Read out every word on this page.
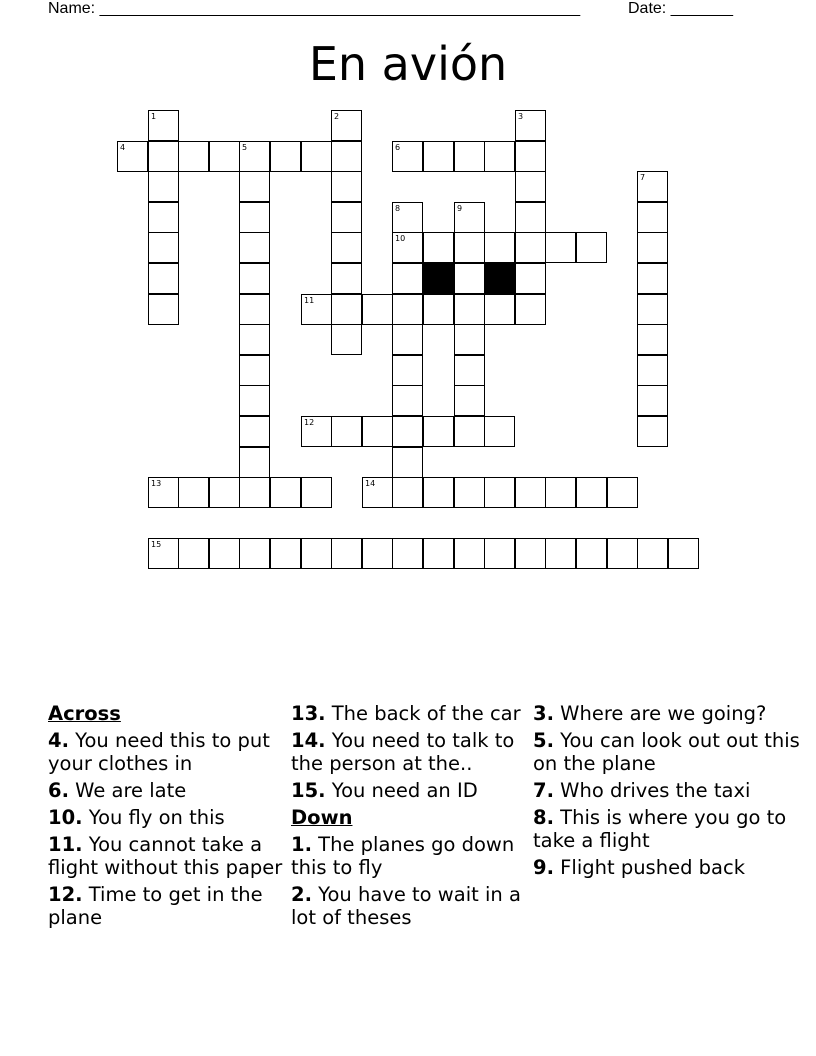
Name: ______________________________________________________	Date: _______
En avión
4	5	6
10
11
12
13	14
15
1	2	3
7
8	9
Across
4. You need this to put your clothes in
6. We are late
10. You fly on this
11. You cannot take a flight without this paper
12. Time to get in the plane
13. The back of the car
14. You need to talk to the person at the..
15. You need an ID
Down
1. The planes go down this to fly
2. You have to wait in a lot of theses
3. Where are we going?
5. You can look out out this on the plane
7. Who drives the taxi
8. This is where you go to take a flight
9. Flight pushed back
